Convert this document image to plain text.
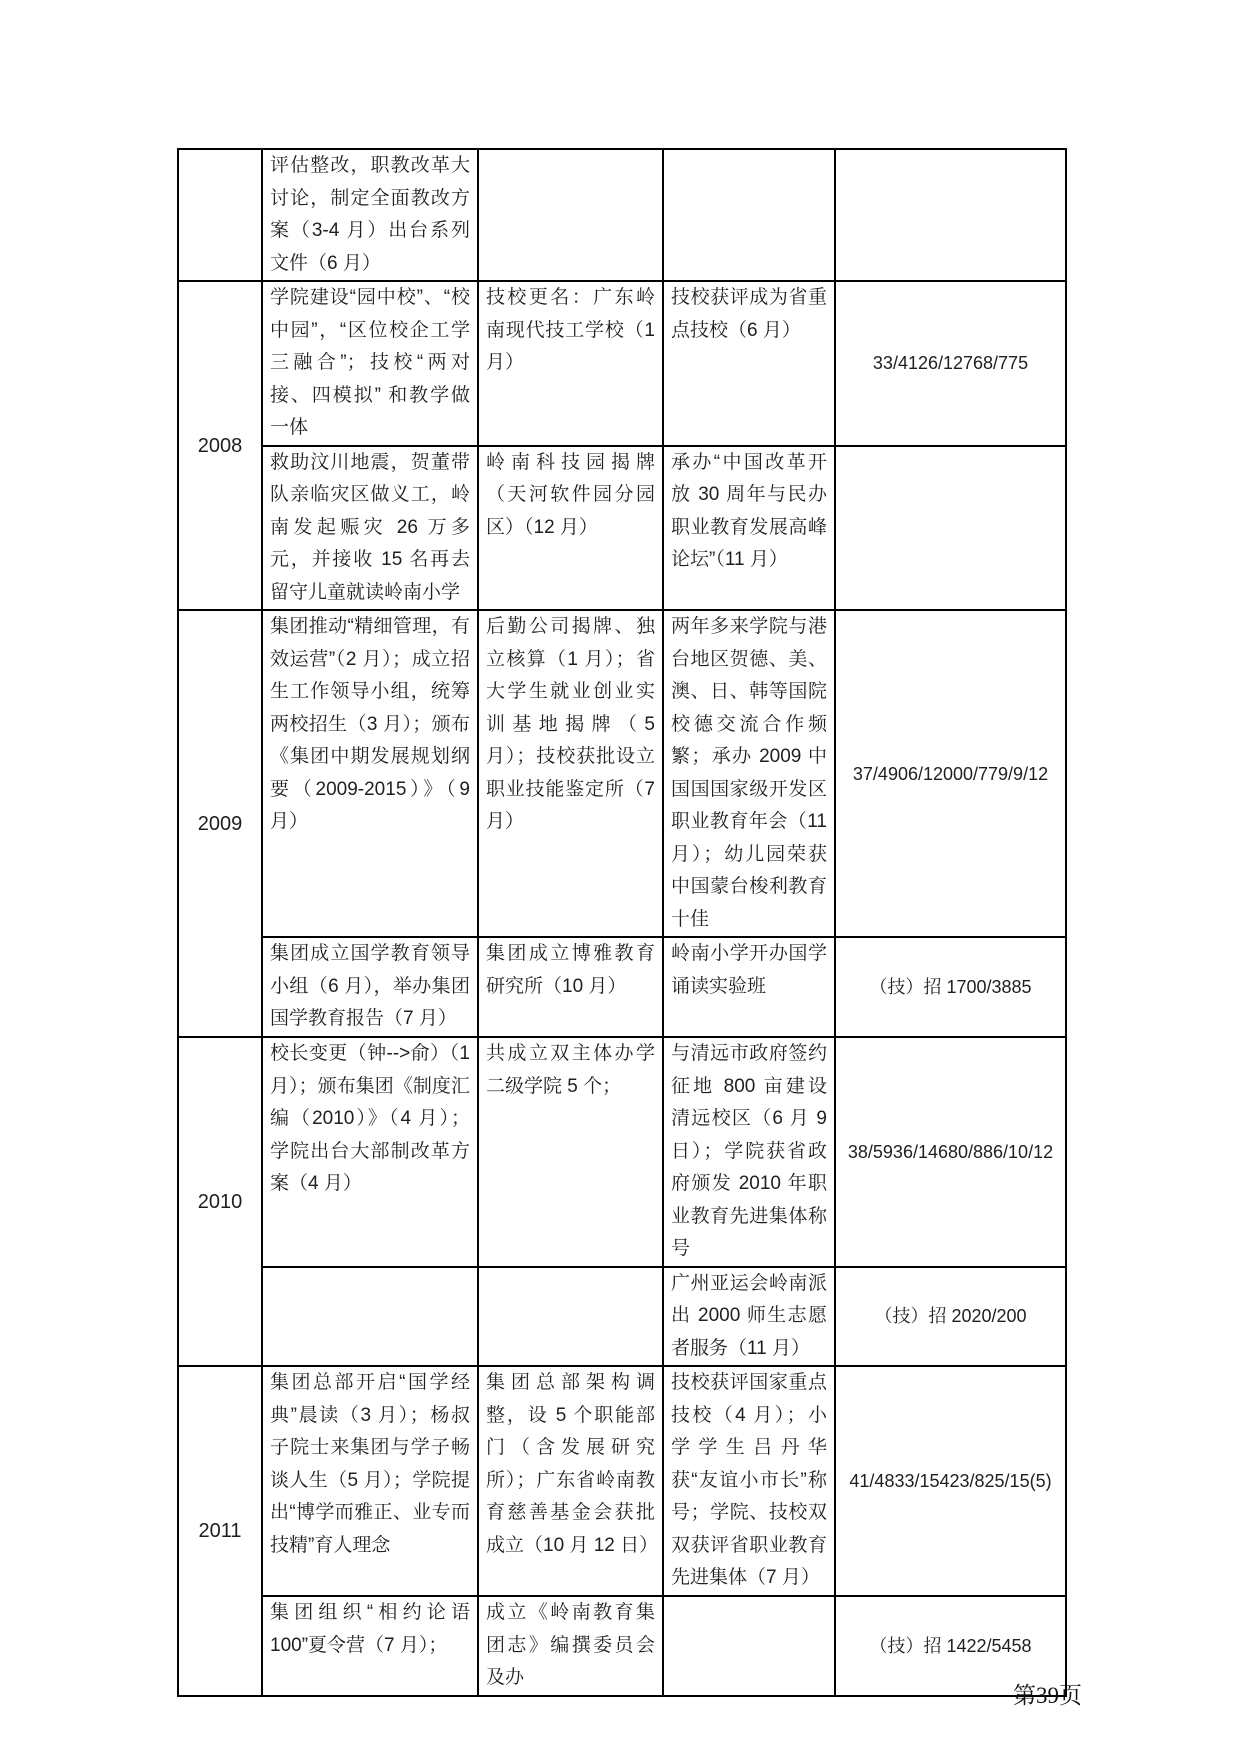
	评估整改，职教改革大讨论，制定全面教改方案（3-4 月）出台系列文件（6 月）			
2008	学院建设“园中校”、“校中园”，“区位校企工学三融合”；技校“两对接、四模拟” 和教学做一体	技校更名：广东岭南现代技工学校（1 月）	技校获评成为省重点技校（6 月）	33/4126/12768/775
	救助汶川地震，贺董带队亲临灾区做义工，岭南发起赈灾 26 万多元，并接收 15 名再去留守儿童就读岭南小学	岭南科技园揭牌（天河软件园分园区）（12 月）	承办“中国改革开放 30 周年与民办职业教育发展高峰论坛”（11 月）	
2009	集团推动“精细管理，有效运营”（2 月）；成立招生工作领导小组，统筹两校招生（3 月）；颁布《集团中期发展规划纲要（2009-2015）》（9 月）	后勤公司揭牌、独立核算（1 月）；省大学生就业创业实训基地揭牌（5 月）；技校获批设立职业技能鉴定所（7 月）	两年多来学院与港台地区贺德、美、澳、日、韩等国院校德交流合作频繁；承办 2009 中国国国家级开发区职业教育年会（11 月）；幼儿园荣获中国蒙台梭利教育十佳	37/4906/12000/779/9/12
	集团成立国学教育领导小组（6 月），举办集团国学教育报告（7 月）	集团成立博雅教育研究所（10 月）	岭南小学开办国学诵读实验班	（技）招 1700/3885
2010	校长变更（钟-->俞）（1 月）；颁布集团《制度汇编（2010）》（4 月）；学院出台大部制改革方案（4 月）	共成立双主体办学二级学院 5 个；	与清远市政府签约征地 800 亩建设清远校区（6 月 9 日）；学院获省政府颁发 2010 年职业教育先进集体称号	38/5936/14680/886/10/12
			广州亚运会岭南派出 2000 师生志愿者服务（11 月）	（技）招 2020/200
2011	集团总部开启“国学经典”晨读（3 月）；杨叔子院士来集团与学子畅谈人生（5 月）；学院提出“博学而雅正、业专而技精”育人理念	集团总部架构调整，设 5 个职能部门（含发展研究所）；广东省岭南教育慈善基金会获批成立（10 月 12 日）	技校获评国家重点技校（4 月）；小学学生吕丹华获“友谊小市长”称号；学院、技校双双获评省职业教育先进集体（7 月）	41/4833/15423/825/15(5)
	集团组织“相约论语 100”夏令营（7 月）；	成立《岭南教育集团志》编撰委员会及办		（技）招 1422/5458
第39页
